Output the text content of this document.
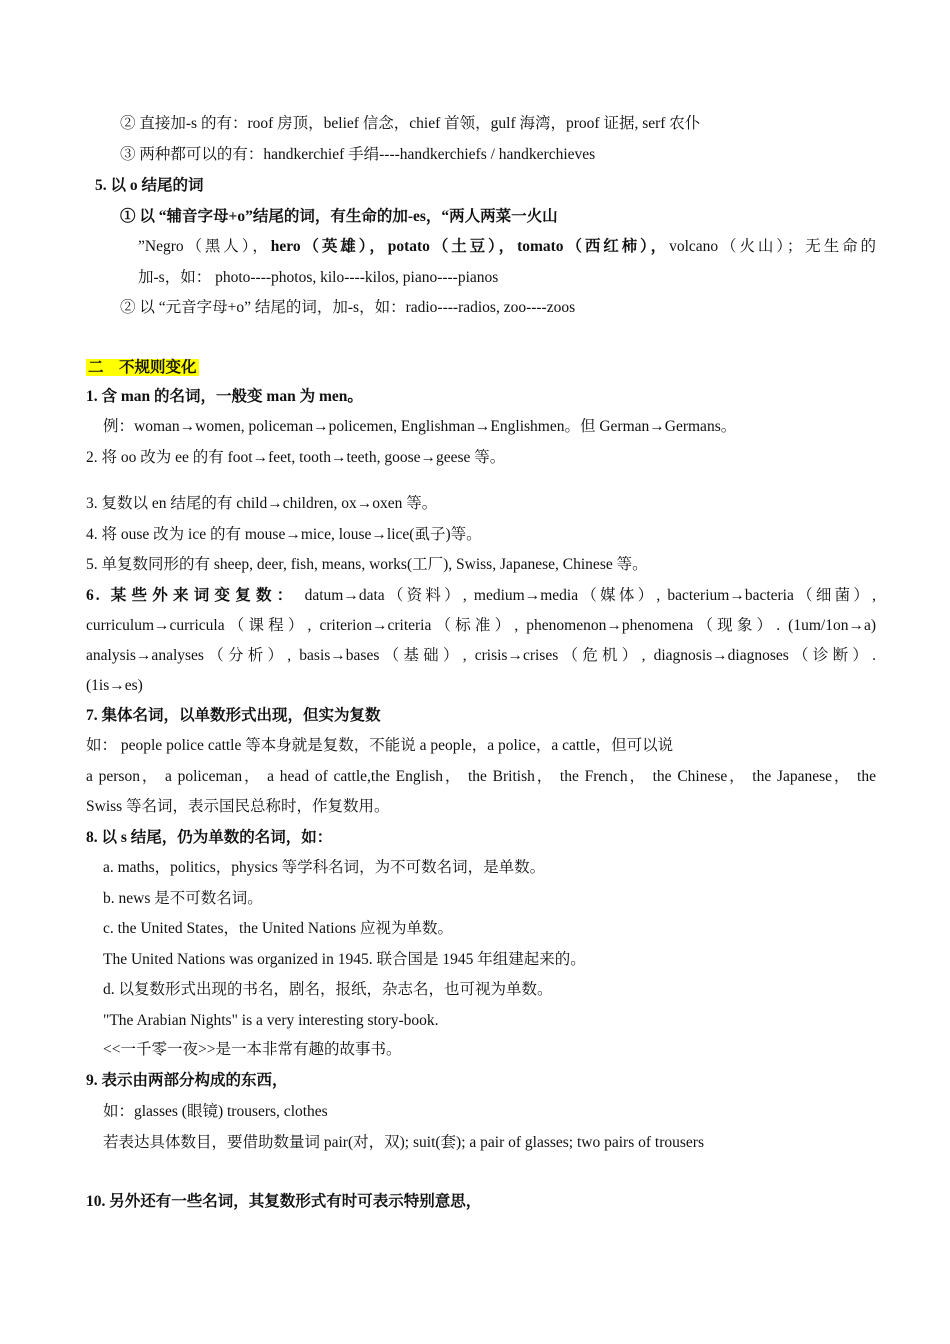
② 直接加-s 的有：roof 房顶，belief 信念，chief 首领，gulf 海湾，proof 证据, serf 农仆
③ 两种都可以的有：handkerchief 手绢----handkerchiefs / handkerchieves
5. 以 o 结尾的词
① 以 “辅音字母+o”结尾的词，有生命的加-es，“两人两菜一火山
”Negro（黑人），hero（英雄），potato（土豆），tomato（西红柿），volcano（火山）；无生命的
加-s，如： photo----photos, kilo----kilos, piano----pianos
② 以 “元音字母+o” 结尾的词，加-s，如：radio----radios, zoo----zoos
二　不规则变化
1. 含 man 的名词，一般变 man 为 men。
例：woman→women, policeman→policemen, Englishman→Englishmen。但 German→Germans。
2. 将 oo 改为 ee 的有 foot→feet, tooth→teeth, goose→geese 等。
3. 复数以 en 结尾的有 child→children, ox→oxen 等。
4. 将 ouse 改为 ice 的有 mouse→mice, louse→lice(虱子)等。
5. 单复数同形的有 sheep, deer, fish, means, works(工厂), Swiss, Japanese, Chinese 等。
6. 某些外来词变复数： datum→data（资料）, medium→media（媒体）, bacterium→bacteria（细菌）,
curriculum→curricula（课程）, criterion→criteria（标准）, phenomenon→phenomena（现象）. (1um/1on→a)
analysis→analyses（分析）, basis→bases（基础）, crisis→crises（危机）, diagnosis→diagnoses（诊断）.
(1is→es)
7. 集体名词，以单数形式出现，但实为复数
如： people police cattle 等本身就是复数，不能说 a people，a police，a cattle，但可以说
a person， a policeman， a head of cattle,the English， the British， the French， the Chinese， the Japanese， the
Swiss 等名词，表示国民总称时，作复数用。
8. 以 s 结尾，仍为单数的名词，如：
a. maths，politics，physics 等学科名词，为不可数名词，是单数。
b. news 是不可数名词。
c. the United States，the United Nations 应视为单数。
The United Nations was organized in 1945. 联合国是 1945 年组建起来的。
d. 以复数形式出现的书名，剧名，报纸，杂志名，也可视为单数。
"The Arabian Nights" is a very interesting story-book.
<<一千零一夜>>是一本非常有趣的故事书。
9. 表示由两部分构成的东西，
如：glasses (眼镜) trousers, clothes
若表达具体数目，要借助数量词 pair(对，双); suit(套); a pair of glasses; two pairs of trousers
10. 另外还有一些名词，其复数形式有时可表示特别意思，
